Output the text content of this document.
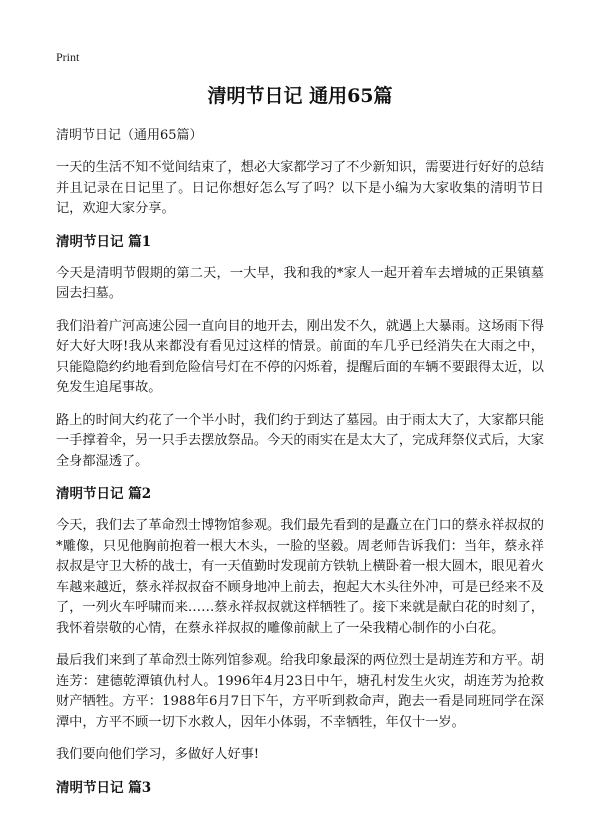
Print
清明节日记 通用65篇
清明节日记（通用65篇）

一天的生活不知不觉间结束了，想必大家都学习了不少新知识，需要进行好好的总结并且记录在日记里了。日记你想好怎么写了吗？以下是小编为大家收集的清明节日记，欢迎大家分享。

清明节日记 篇1

今天是清明节假期的第二天，一大早，我和我的*家人一起开着车去增城的正果镇墓园去扫墓。

我们沿着广河高速公园一直向目的地开去，刚出发不久，就遇上大暴雨。这场雨下得好大好大呀!我从来都没有看见过这样的情景。前面的车几乎已经消失在大雨之中，只能隐隐约约地看到危险信号灯在不停的闪烁着，提醒后面的车辆不要跟得太近，以免发生追尾事故。

路上的时间大约花了一个半小时，我们约于到达了墓园。由于雨太大了，大家都只能一手撑着伞，另一只手去摆放祭品。今天的雨实在是太大了，完成拜祭仪式后，大家全身都湿透了。

清明节日记 篇2

今天，我们去了革命烈士博物馆参观。我们最先看到的是矗立在门口的蔡永祥叔叔的*雕像，只见他胸前抱着一根大木头，一脸的坚毅。周老师告诉我们：当年，蔡永祥叔叔是守卫大桥的战士，有一天值勤时发现前方铁轨上横卧着一根大圆木，眼见着火车越来越近，蔡永祥叔叔奋不顾身地冲上前去，抱起大木头往外冲，可是已经来不及了，一列火车呼啸而来……蔡永祥叔叔就这样牺牲了。接下来就是献白花的时刻了，我怀着崇敬的心情，在蔡永祥叔叔的雕像前献上了一朵我精心制作的小白花。

最后我们来到了革命烈士陈列馆参观。给我印象最深的两位烈士是胡连芳和方平。胡连芳：建德乾潭镇仇村人。1996年4月23日中午，塘孔村发生火灾，胡连芳为抢救财产牺牲。方平：1988年6月7日下午，方平听到救命声，跑去一看是同班同学在深潭中，方平不顾一切下水救人，因年小体弱，不幸牺牲，年仅十一岁。

我们要向他们学习，多做好人好事!

清明节日记 篇3
